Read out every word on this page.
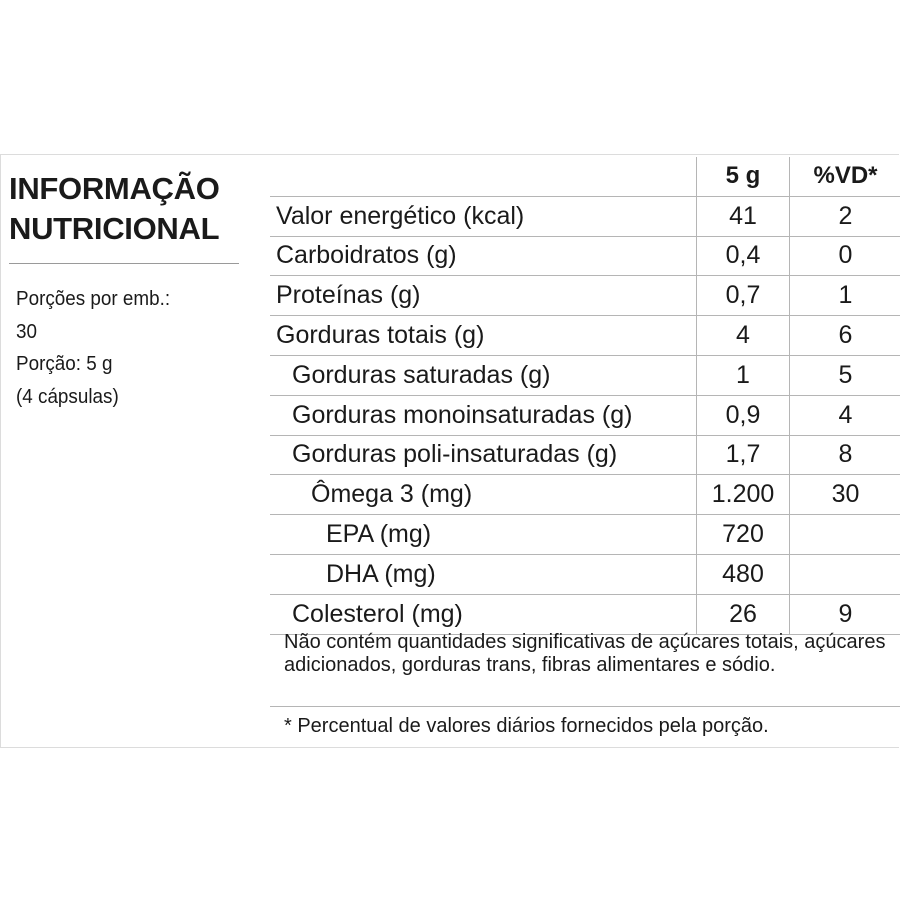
INFORMAÇÃO
NUTRICIONAL
Porções por emb.:
30
Porção: 5 g
(4 cápsulas)
5 g	%VD*
Valor energético (kcal)	41	2
Carboidratos (g)	0,4	0
Proteínas (g)	0,7	1
Gorduras totais (g)	4	6
Gorduras saturadas (g)	1	5
Gorduras monoinsaturadas (g)	0,9	4
Gorduras poli-insaturadas (g)	1,7	8
Ômega 3 (mg)	1.200	30
EPA (mg)	720
DHA (mg)	480
Colesterol (mg)	26	9
Não contém quantidades significativas de açúcares totais, açúcares adicionados, gorduras trans, fibras alimentares e sódio.
* Percentual de valores diários fornecidos pela porção.
